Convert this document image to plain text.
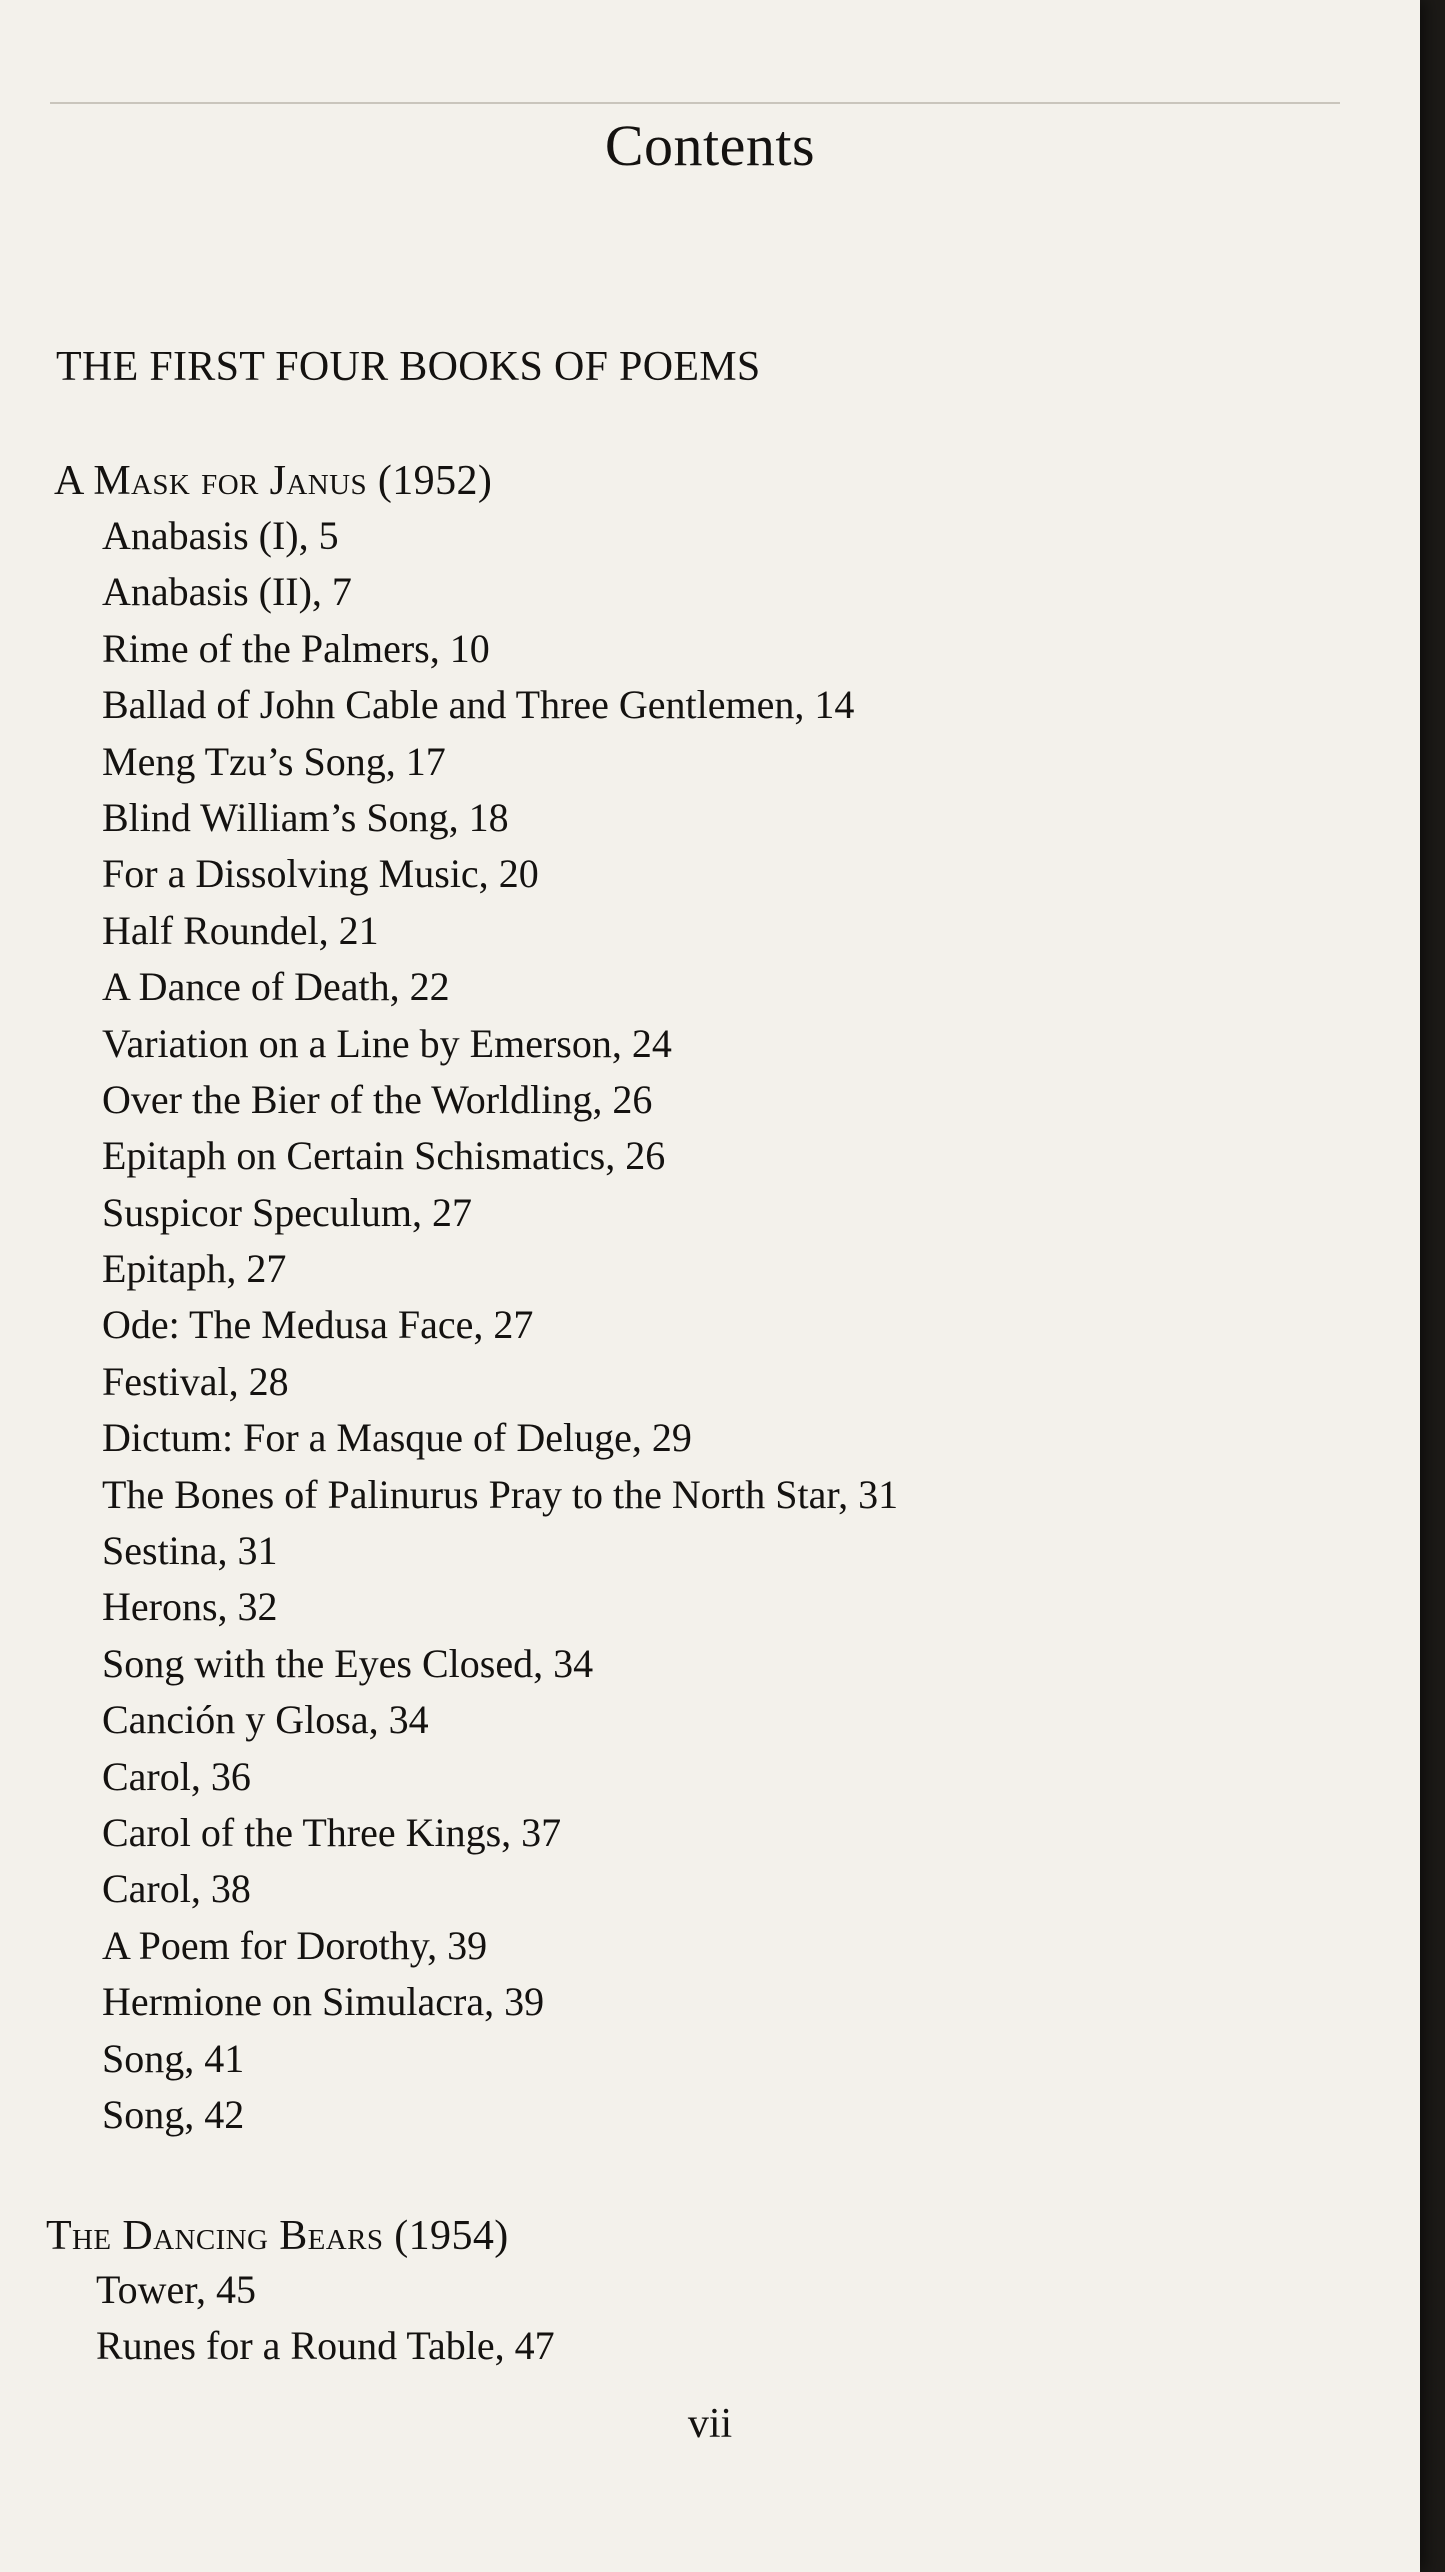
Contents
THE FIRST FOUR BOOKS OF POEMS
A Mask for Janus (1952)
Anabasis (I), 5
Anabasis (II), 7
Rime of the Palmers, 10
Ballad of John Cable and Three Gentlemen, 14
Meng Tzu’s Song, 17
Blind William’s Song, 18
For a Dissolving Music, 20
Half Roundel, 21
A Dance of Death, 22
Variation on a Line by Emerson, 24
Over the Bier of the Worldling, 26
Epitaph on Certain Schismatics, 26
Suspicor Speculum, 27
Epitaph, 27
Ode: The Medusa Face, 27
Festival, 28
Dictum: For a Masque of Deluge, 29
The Bones of Palinurus Pray to the North Star, 31
Sestina, 31
Herons, 32
Song with the Eyes Closed, 34
Canción y Glosa, 34
Carol, 36
Carol of the Three Kings, 37
Carol, 38
A Poem for Dorothy, 39
Hermione on Simulacra, 39
Song, 41
Song, 42
The Dancing Bears (1954)
Tower, 45
Runes for a Round Table, 47
vii
